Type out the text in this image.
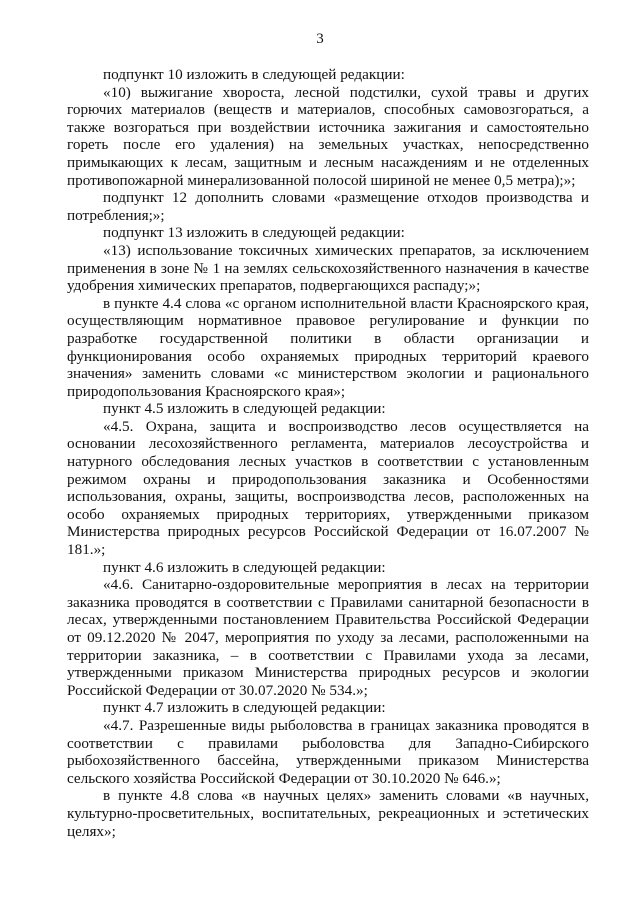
3

подпункт 10 изложить в следующей редакции:

«10) выжигание хвороста, лесной подстилки, сухой травы и других горючих материалов (веществ и материалов, способных самовозгораться, а также возгораться при воздействии источника зажигания и самостоятельно гореть после его удаления) на земельных участках, непосредственно примыкающих к лесам, защитным и лесным насаждениям и не отделенных противопожарной минерализованной полосой шириной не менее 0,5 метра);»;

подпункт 12 дополнить словами «размещение отходов производства и потребления;»;

подпункт 13 изложить в следующей редакции:

«13) использование токсичных химических препаратов, за исключением применения в зоне № 1 на землях сельскохозяйственного назначения в качестве удобрения химических препаратов, подвергающихся распаду;»;

в пункте 4.4 слова «с органом исполнительной власти Красноярского края, осуществляющим нормативное правовое регулирование и функции по разработке государственной политики в области организации и функционирования особо охраняемых природных территорий краевого значения» заменить словами «с министерством экологии и рационального природопользования Красноярского края»;

пункт 4.5 изложить в следующей редакции:

«4.5. Охрана, защита и воспроизводство лесов осуществляется на основании лесохозяйственного регламента, материалов лесоустройства и натурного обследования лесных участков в соответствии с установленным режимом охраны и природопользования заказника и Особенностями использования, охраны, защиты, воспроизводства лесов, расположенных на особо охраняемых природных территориях, утвержденными приказом Министерства природных ресурсов Российской Федерации от 16.07.2007 № 181.»;

пункт 4.6 изложить в следующей редакции:

«4.6. Санитарно-оздоровительные мероприятия в лесах на территории заказника проводятся в соответствии с Правилами санитарной безопасности в лесах, утвержденными постановлением Правительства Российской Федерации от 09.12.2020 № 2047, мероприятия по уходу за лесами, расположенными на территории заказника, – в соответствии с Правилами ухода за лесами, утвержденными приказом Министерства природных ресурсов и экологии Российской Федерации от 30.07.2020 № 534.»;

пункт 4.7 изложить в следующей редакции:

«4.7. Разрешенные виды рыболовства в границах заказника проводятся в соответствии с правилами рыболовства для Западно-Сибирского рыбохозяйственного бассейна, утвержденными приказом Министерства сельского хозяйства Российской Федерации от 30.10.2020 № 646.»;

в пункте 4.8 слова «в научных целях» заменить словами «в научных, культурно-просветительных, воспитательных, рекреационных и эстетических целях»;
